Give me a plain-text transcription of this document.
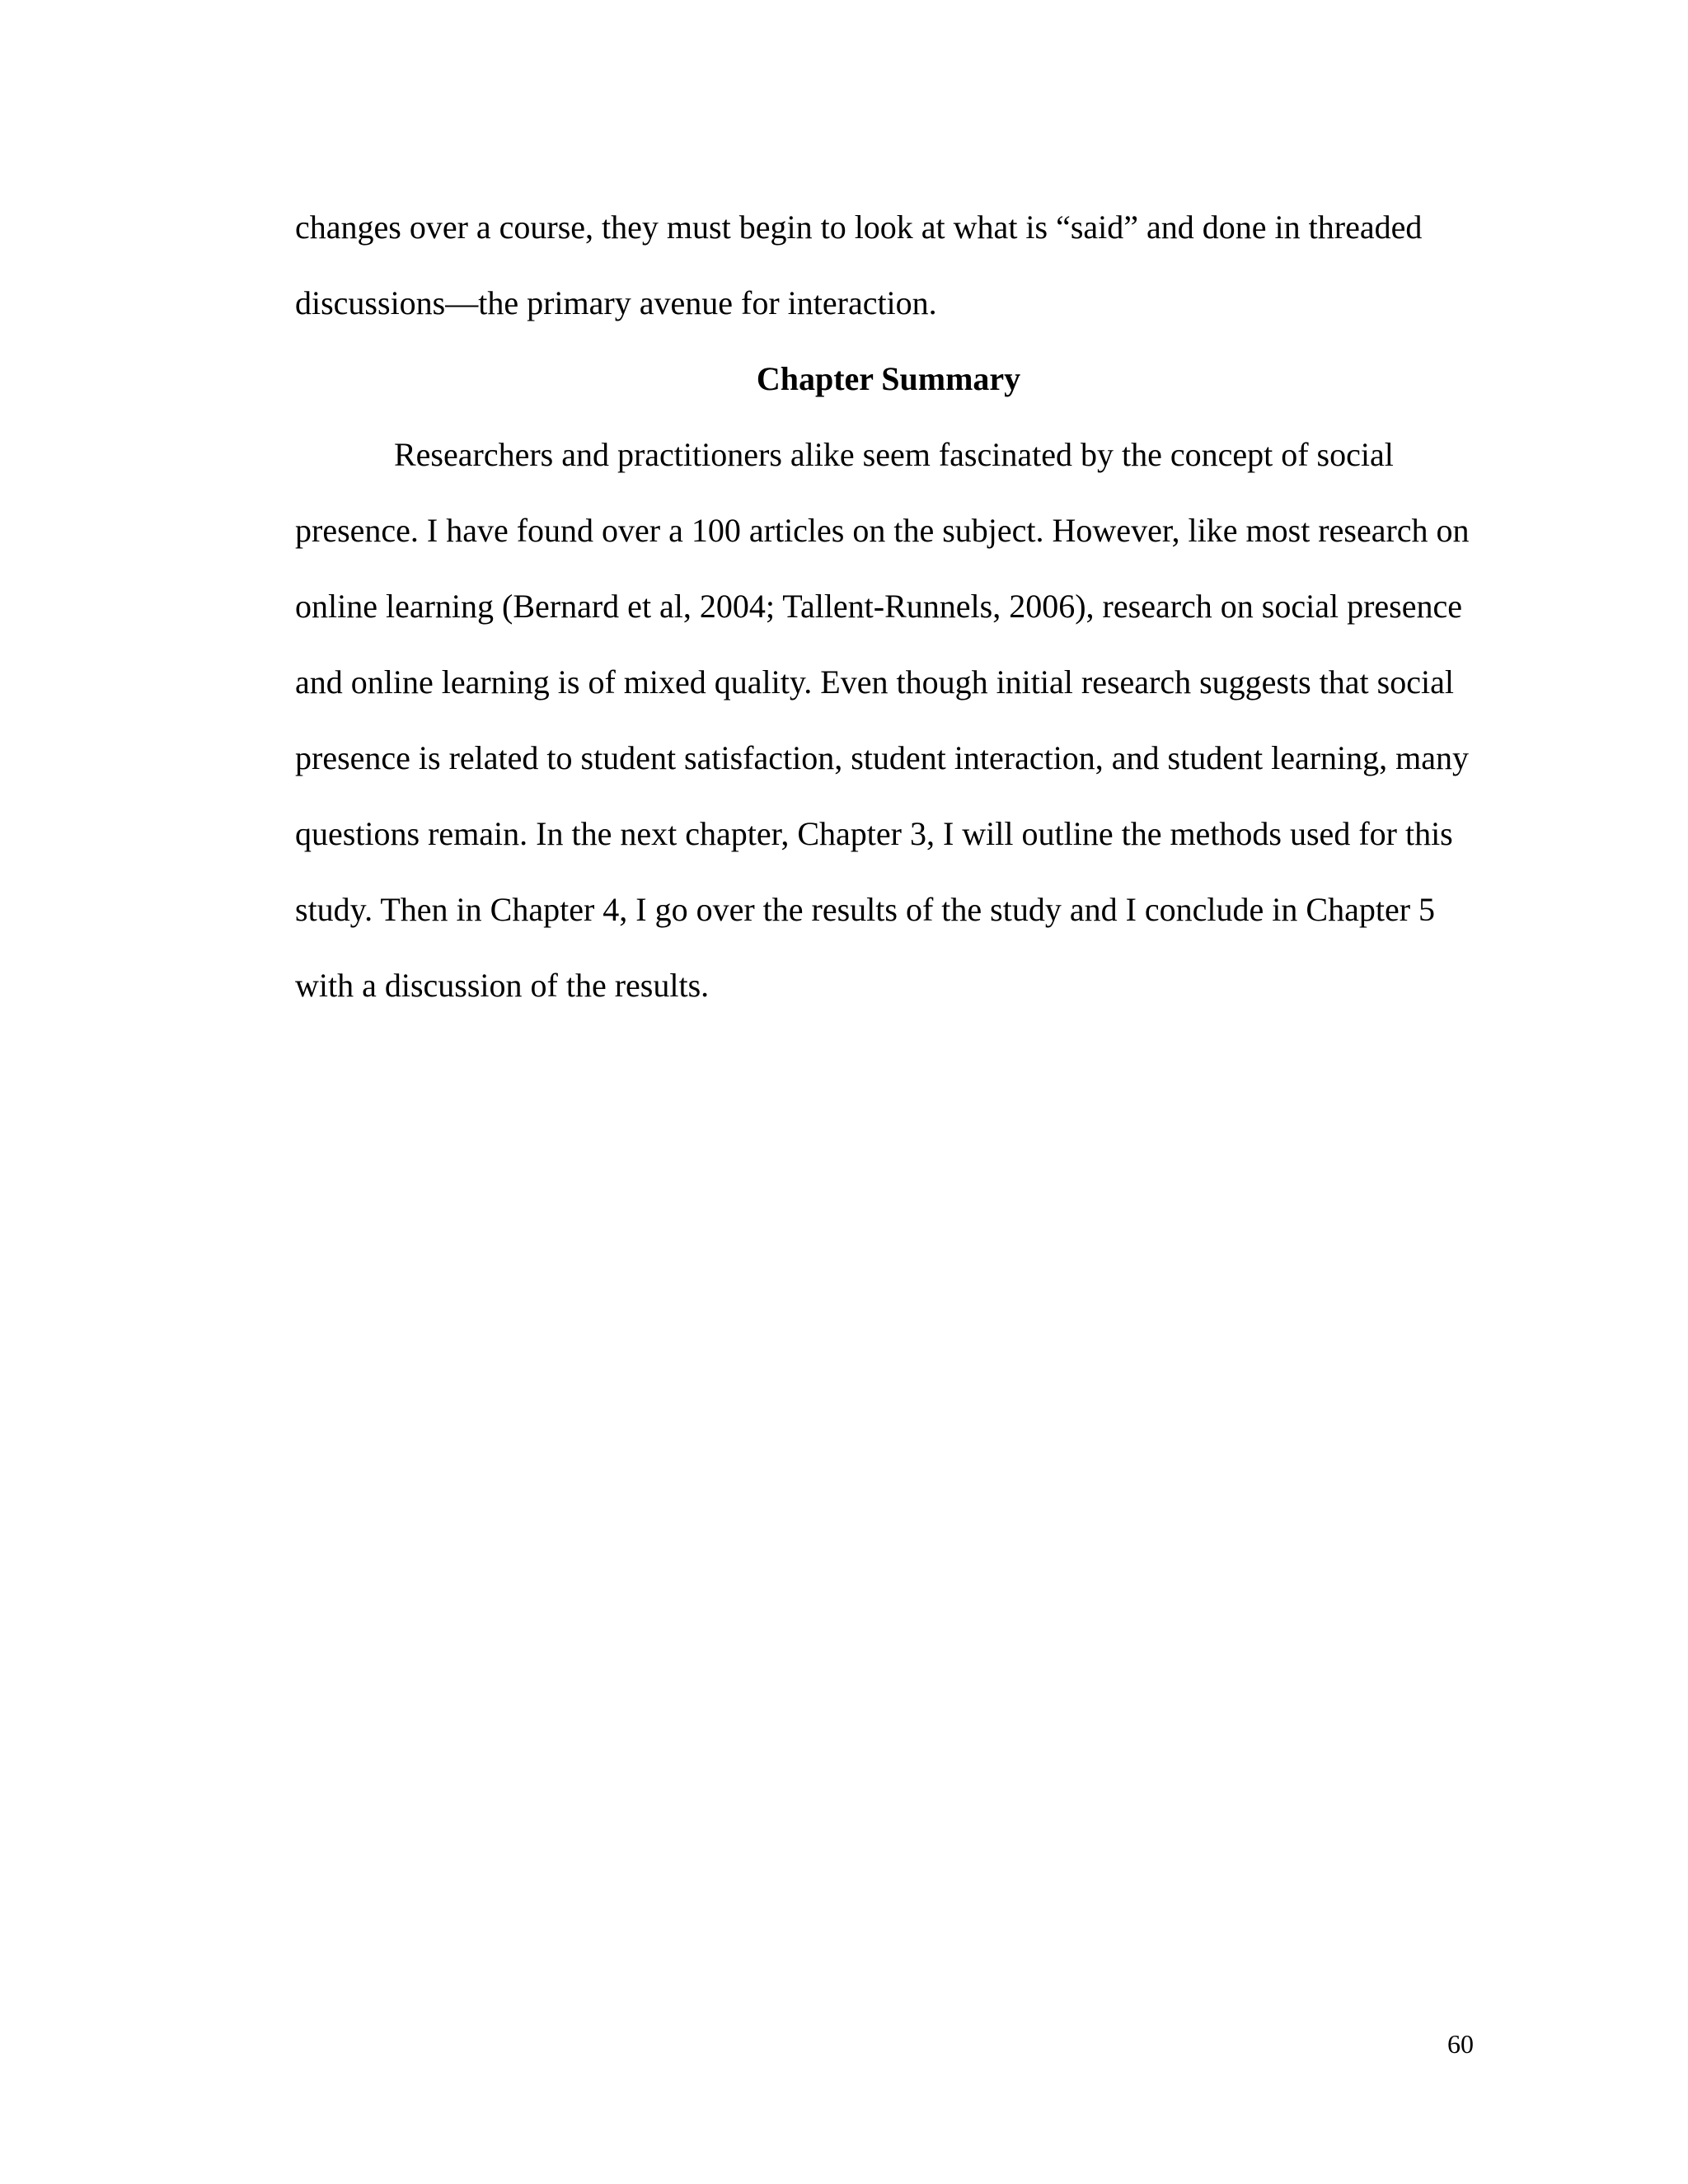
changes over a course, they must begin to look at what is “said” and done in threaded
discussions—the primary avenue for interaction.
Chapter Summary
Researchers and practitioners alike seem fascinated by the concept of social
presence. I have found over a 100 articles on the subject. However, like most research on
online learning (Bernard et al, 2004; Tallent-Runnels, 2006), research on social presence
and online learning is of mixed quality. Even though initial research suggests that social
presence is related to student satisfaction, student interaction, and student learning, many
questions remain. In the next chapter, Chapter 3, I will outline the methods used for this
study. Then in Chapter 4, I go over the results of the study and I conclude in Chapter 5
with a discussion of the results.
60
